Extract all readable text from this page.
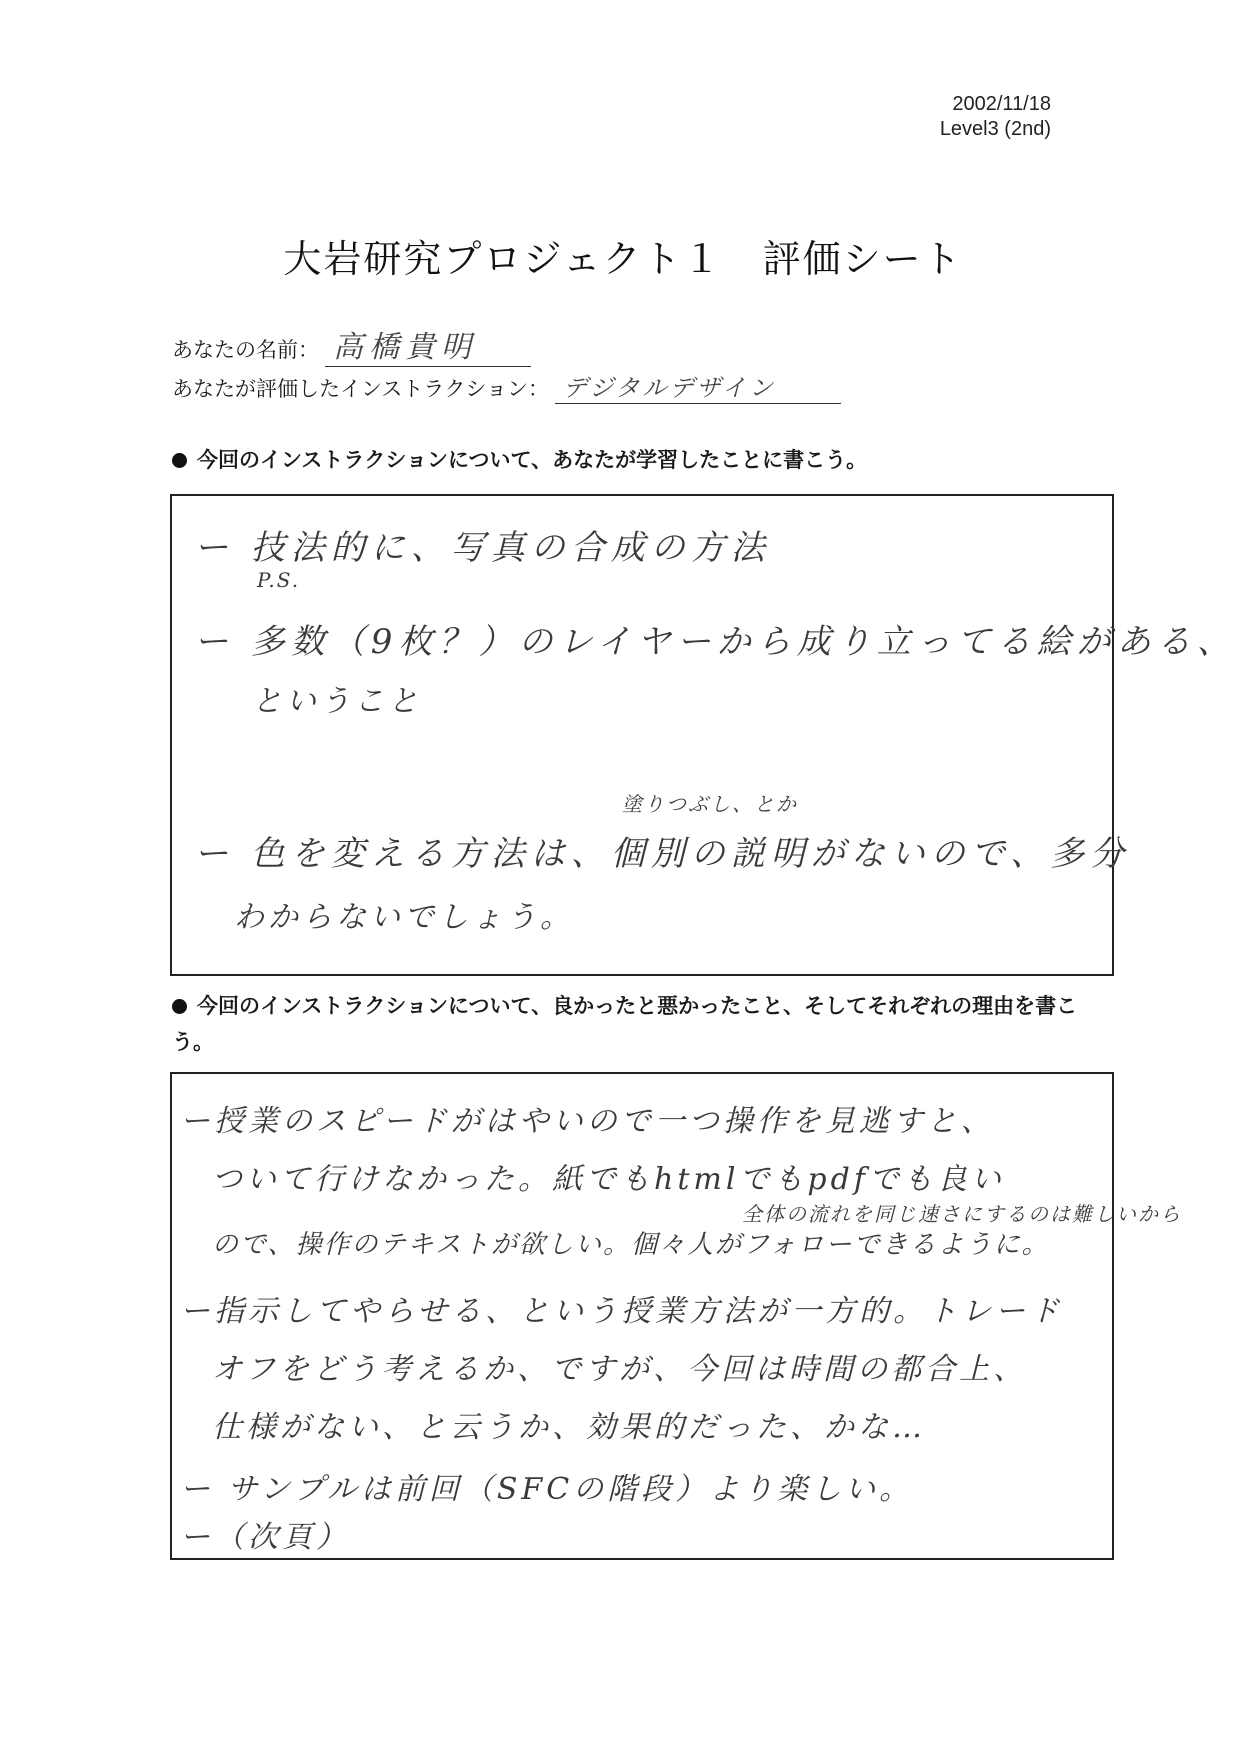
2002/11/18
Level3 (2nd)
大岩研究プロジェクト１　評価シート
あなたの名前： 高橋貴明
あなたが評価したインストラクション： デジタルデザイン
今回のインストラクションについて、あなたが学習したことに書こう。
ー 技法的に、写真の合成の方法
P.S.
ー 多数（9枚？）のレイヤーから成り立ってる絵がある、
ということ
塗りつぶし、とか
ー 色を変える方法は、個別の説明がないので、多分
わからないでしょう。
今回のインストラクションについて、良かったと悪かったこと、そしてそれぞれの理由を書こう。
ー授業のスピードがはやいので一つ操作を見逃すと、
ついて行けなかった。紙でもhtmlでもpdfでも良い
全体の流れを同じ速さにするのは難しいから
ので、操作のテキストが欲しい。個々人がフォローできるように。
ー指示してやらせる、という授業方法が一方的。トレード
オフをどう考えるか、ですが、今回は時間の都合上、
仕様がない、と云うか、効果的だった、かな…
ー サンプルは前回（SFCの階段）より楽しい。
ー（次頁）
